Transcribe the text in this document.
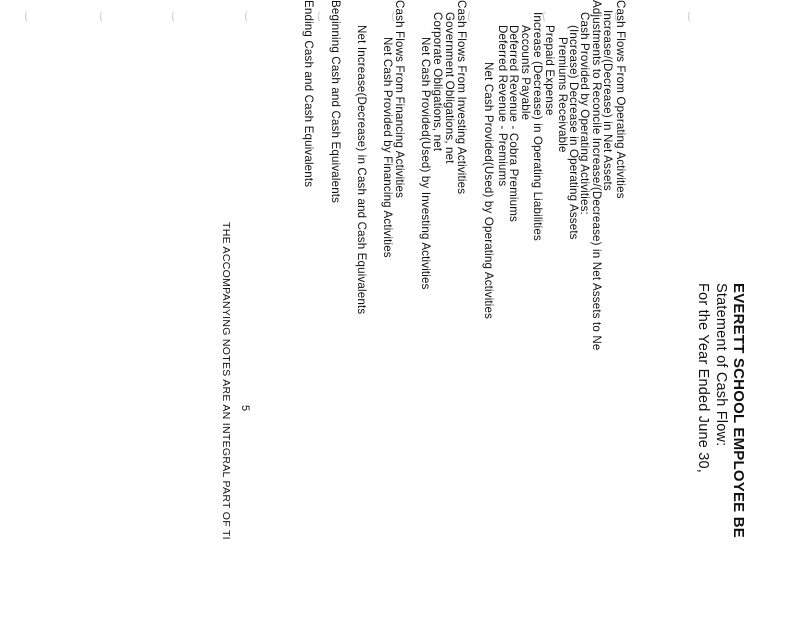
EVERETT SCHOOL EMPLOYEE BE
Statement of Cash Flow:
For the Year Ended June 30,
Cash Flows From Operating Activities
Increase/(Decrease) in Net Assets
Adjustments to Reconcile Increase/(Decrease) in Net Assets to Ne
Cash Provided by Operating Activities:
(Increase) Decrease in Operating Assets
Premiums Receivable
Prepaid Expense
Increase (Decrease) in Operating Liabilities
Accounts Payable
Deferred Revenue - Cobra Premiums
Deferred Revenue - Premiums
Net Cash Provided(Used) by Operating Activities
Cash Flows From Investing Activities
Government Obligations, net
Corporate Obligations, net
Net Cash Provided(Used) by Investing Activities
Cash Flows From Financing Activities
Net Cash Provided by Financing Activities
Net Increase(Decrease) in Cash and Cash Equivalents
Beginning Cash and Cash Equivalents
Ending Cash and Cash Equivalents
5
THE ACCOMPANYING NOTES ARE AN INTEGRAL PART OF TI
